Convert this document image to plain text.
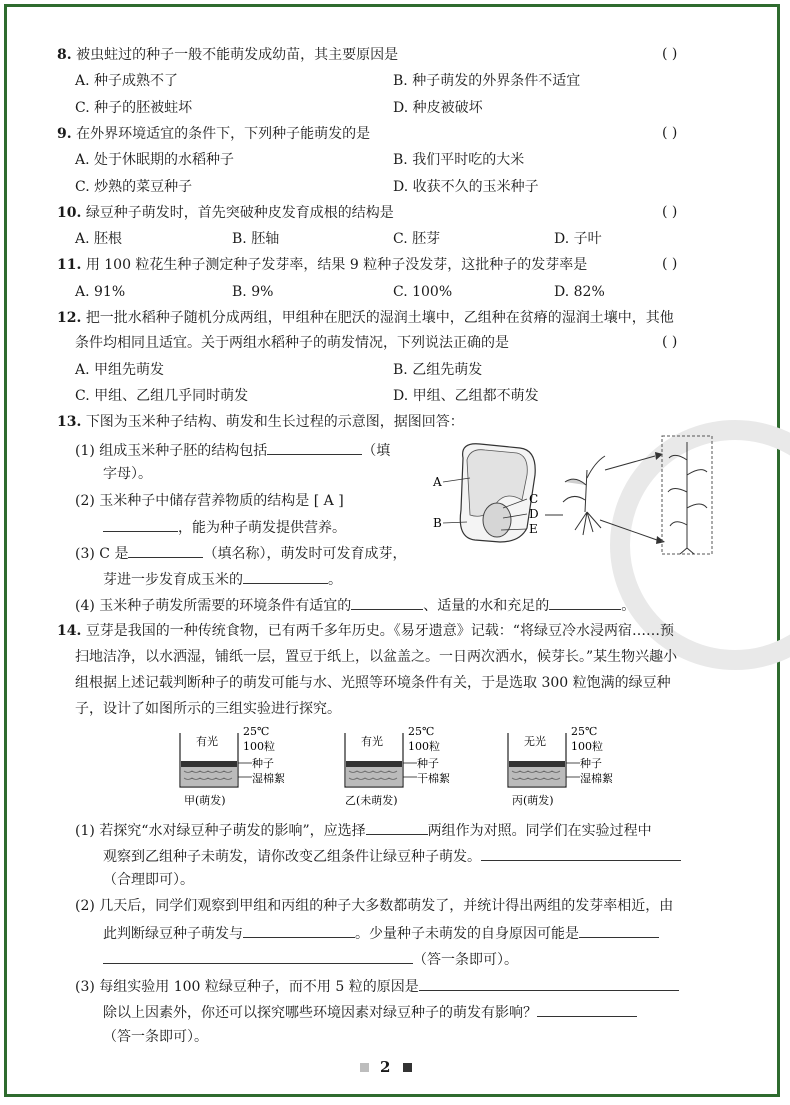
8. 被虫蛀过的种子一般不能萌发成幼苗，其主要原因是	( )
A. 种子成熟不了	B. 种子萌发的外界条件不适宜
C. 种子的胚被蛀坏	D. 种皮被破坏
9. 在外界环境适宜的条件下，下列种子能萌发的是	( )
A. 处于休眠期的水稻种子	B. 我们平时吃的大米
C. 炒熟的菜豆种子	D. 收获不久的玉米种子
10. 绿豆种子萌发时，首先突破种皮发育成根的结构是	( )
A. 胚根	B. 胚轴	C. 胚芽	D. 子叶
11. 用 100 粒花生种子测定种子发芽率，结果 9 粒种子没发芽，这批种子的发芽率是	( )
A. 91%	B. 9%	C. 100%	D. 82%
12. 把一批水稻种子随机分成两组，甲组种在肥沃的湿润土壤中，乙组种在贫瘠的湿润土壤中，其他
条件均相同且适宜。关于两组水稻种子的萌发情况，下列说法正确的是	( )
A. 甲组先萌发	B. 乙组先萌发
C. 甲组、乙组几乎同时萌发	D. 甲组、乙组都不萌发
13. 下图为玉米种子结构、萌发和生长过程的示意图，据图回答：
(1) 组成玉米种子胚的结构包括	（填
字母）。
(2) 玉米种子中储存营养物质的结构是 [ A ]
，能为种子萌发提供营养。
(3) C 是	（填名称），萌发时可发育成芽，
芽进一步发育成玉米的	。
(4) 玉米种子萌发所需要的环境条件有适宜的	、适量的水和充足的	。
A
B
C
D
E
14. 豆芽是我国的一种传统食物，已有两千多年历史。《易牙遗意》记载：“将绿豆冷水浸两宿……预
扫地洁净，以水洒湿，铺纸一层，置豆于纸上，以盆盖之。一日两次洒水，候芽长。”某生物兴趣小
组根据上述记载判断种子的萌发可能与水、光照等环境条件有关，于是选取 300 粒饱满的绿豆种
子，设计了如图所示的三组实验进行探究。
有光
25℃
100粒
种子
湿棉絮
甲(萌发)
有光
25℃
100粒
种子
干棉絮
乙(未萌发)
无光
25℃
100粒
种子
湿棉絮
丙(萌发)
(1) 若探究“水对绿豆种子萌发的影响”，应选择	两组作为对照。同学们在实验过程中
观察到乙组种子未萌发，请你改变乙组条件让绿豆种子萌发。
（合理即可）。
(2) 几天后，同学们观察到甲组和丙组的种子大多数都萌发了，并统计得出两组的发芽率相近，由
此判断绿豆种子萌发与	。少量种子未萌发的自身原因可能是
（答一条即可）。
(3) 每组实验用 100 粒绿豆种子，而不用 5 粒的原因是
除以上因素外，你还可以探究哪些环境因素对绿豆种子的萌发有影响？
（答一条即可）。
2
